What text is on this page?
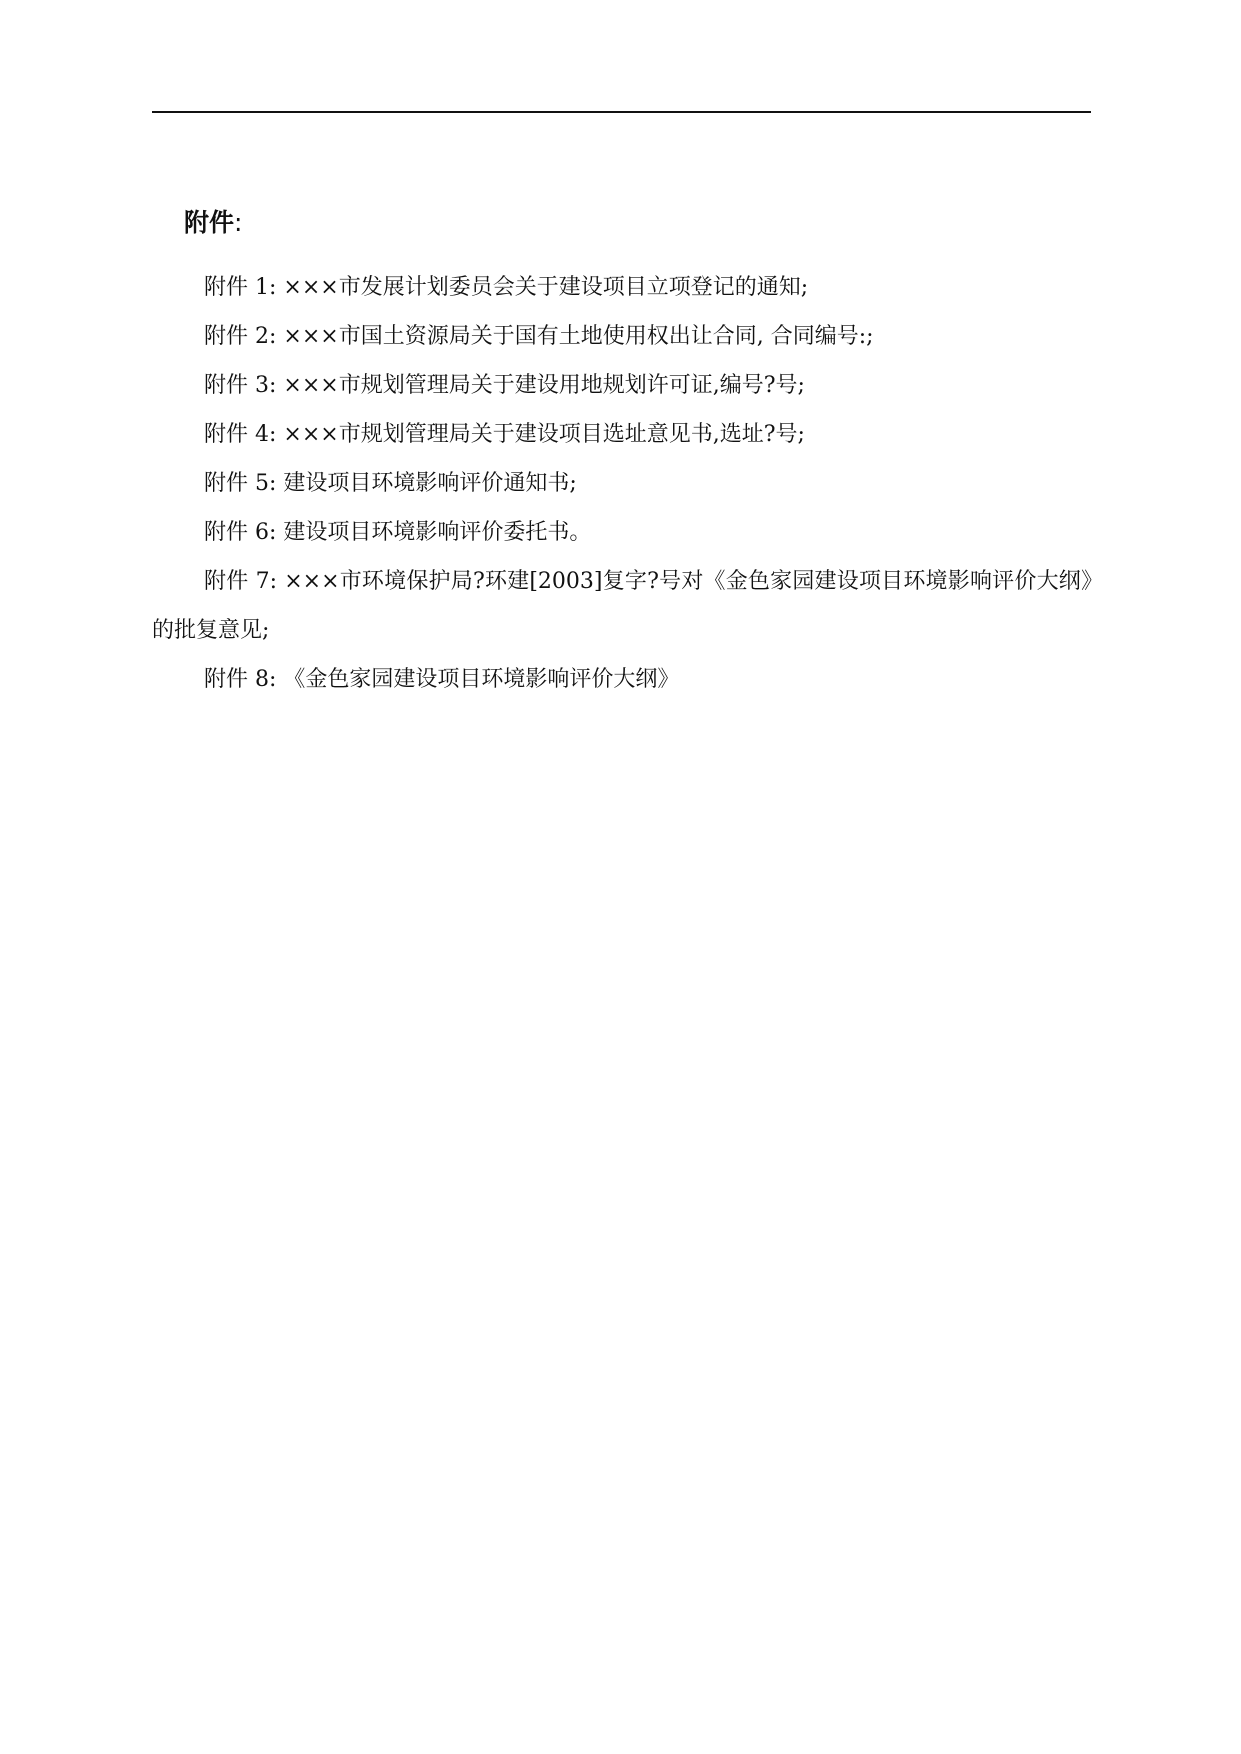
附件:
附件 1: ×××市发展计划委员会关于建设项目立项登记的通知;
附件 2: ×××市国土资源局关于国有土地使用权出让合同, 合同编号:;
附件 3: ×××市规划管理局关于建设用地规划许可证,编号?号;
附件 4: ×××市规划管理局关于建设项目选址意见书,选址?号;
附件 5: 建设项目环境影响评价通知书;
附件 6: 建设项目环境影响评价委托书。
附件 7: ×××市环境保护局?环建[2003]复字?号对《金色家园建设项目环境影响评价大纲》的批复意见;
附件 8: 《金色家园建设项目环境影响评价大纲》
